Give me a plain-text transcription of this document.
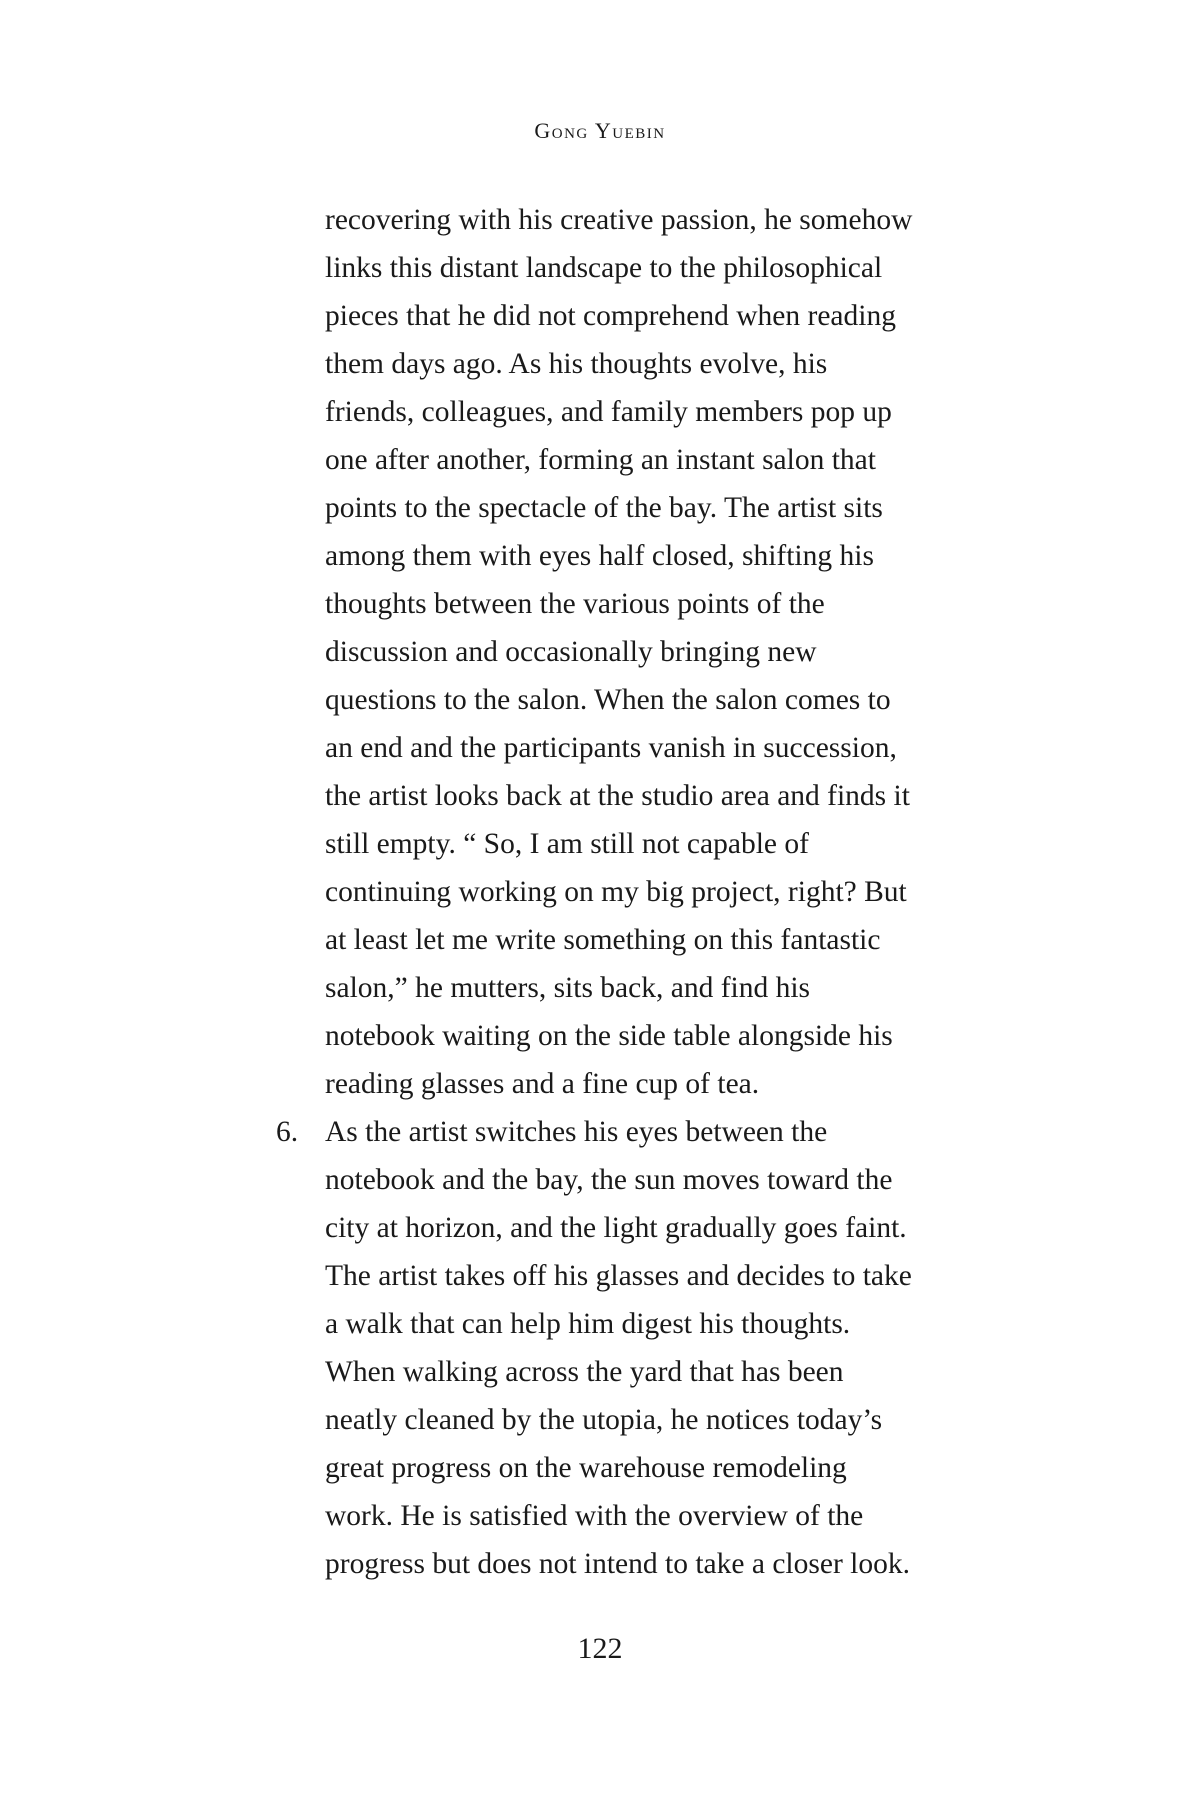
Gong Yuebin
recovering with his creative passion, he somehow
links this distant landscape to the philosophical
pieces that he did not comprehend when reading
them days ago. As his thoughts evolve, his
friends, colleagues, and family members pop up
one after another, forming an instant salon that
points to the spectacle of the bay. The artist sits
among them with eyes half closed, shifting his
thoughts between the various points of the
discussion and occasionally bringing new
questions to the salon. When the salon comes to
an end and the participants vanish in succession,
the artist looks back at the studio area and finds it
still empty. “ So, I am still not capable of
continuing working on my big project, right? But
at least let me write something on this fantastic
salon,” he mutters, sits back, and find his
notebook waiting on the side table alongside his
reading glasses and a fine cup of tea.
6. As the artist switches his eyes between the
notebook and the bay, the sun moves toward the
city at horizon, and the light gradually goes faint.
The artist takes off his glasses and decides to take
a walk that can help him digest his thoughts.
When walking across the yard that has been
neatly cleaned by the utopia, he notices today’s
great progress on the warehouse remodeling
work. He is satisfied with the overview of the
progress but does not intend to take a closer look.
122
